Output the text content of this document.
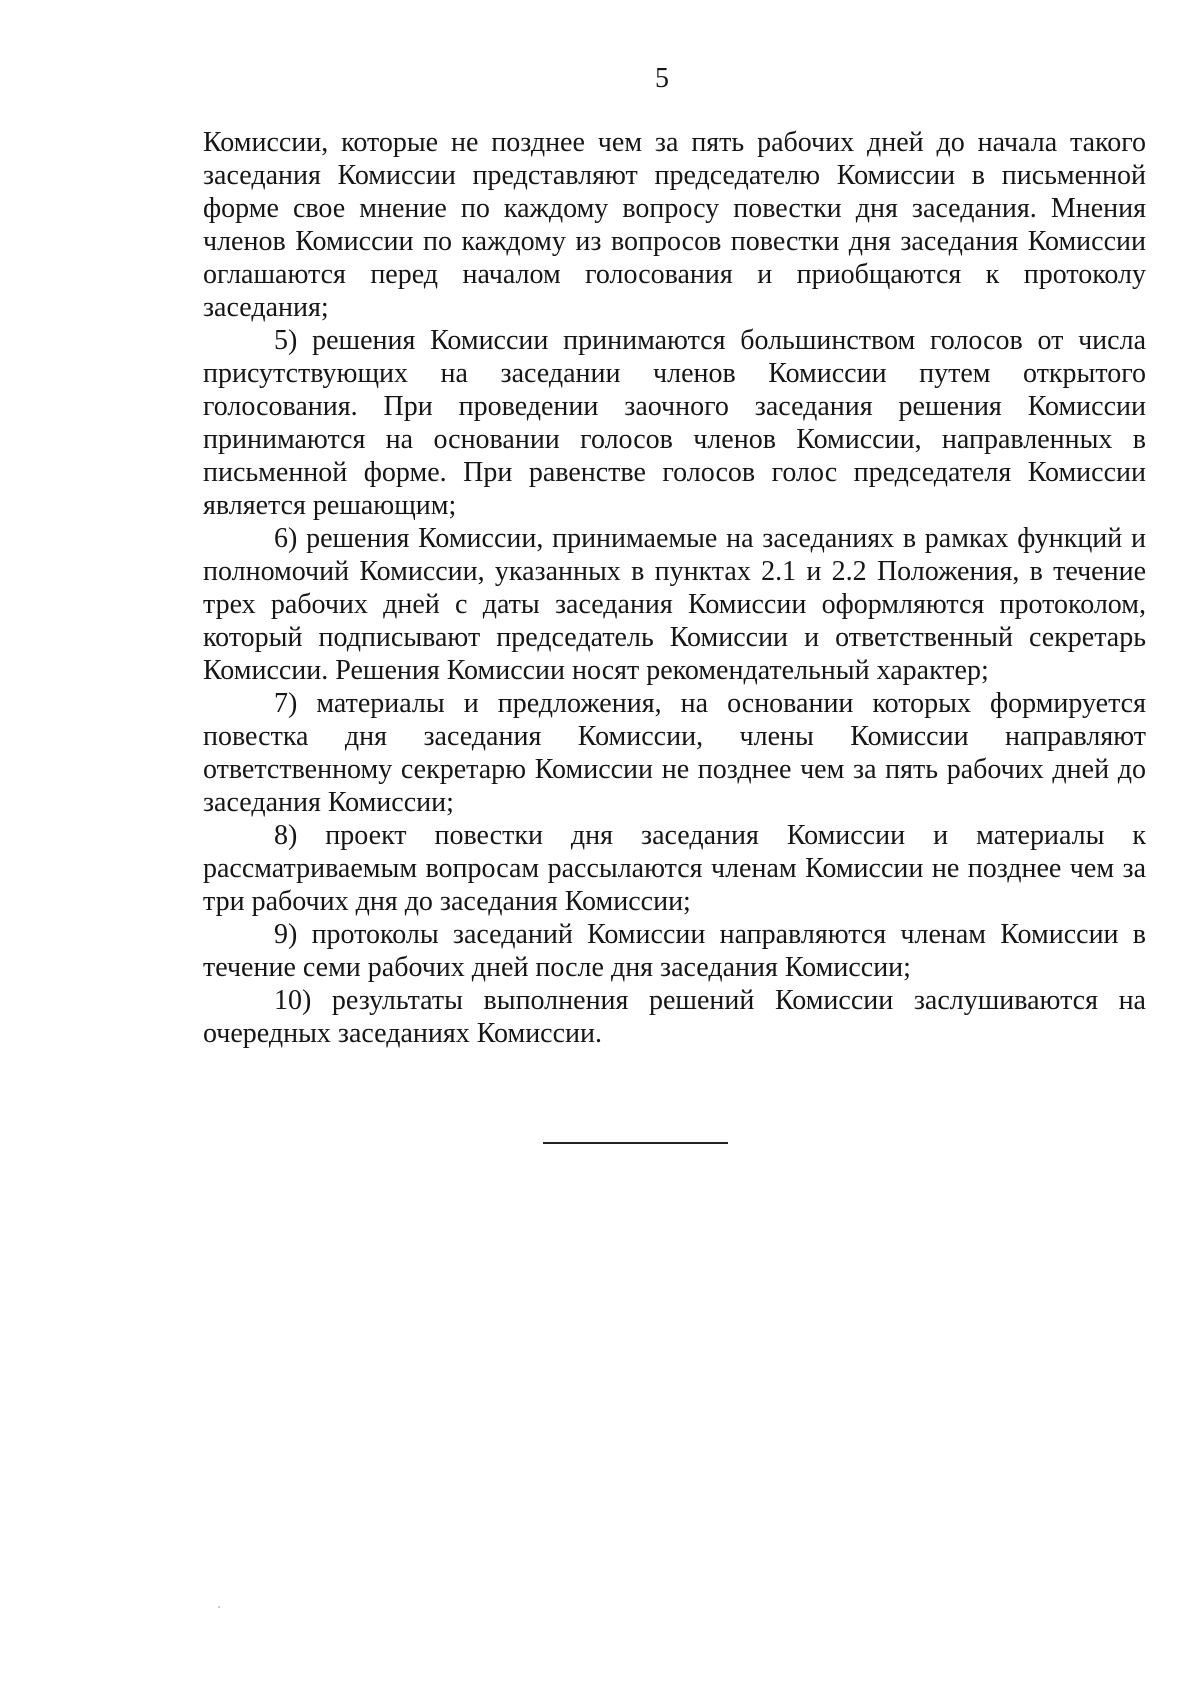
5

Комиссии, которые не позднее чем за пять рабочих дней до начала такого заседания Комиссии представляют председателю Комиссии в письменной форме свое мнение по каждому вопросу повестки дня заседания. Мнения членов Комиссии по каждому из вопросов повестки дня заседания Комиссии оглашаются перед началом голосования и приобщаются к протоколу заседания;

5) решения Комиссии принимаются большинством голосов от числа присутствующих на заседании членов Комиссии путем открытого голосования. При проведении заочного заседания решения Комиссии принимаются на основании голосов членов Комиссии, направленных в письменной форме. При равенстве голосов голос председателя Комиссии является решающим;

6) решения Комиссии, принимаемые на заседаниях в рамках функций и полномочий Комиссии, указанных в пунктах 2.1 и 2.2 Положения, в течение трех рабочих дней с даты заседания Комиссии оформляются протоколом, который подписывают председатель Комиссии и ответственный секретарь Комиссии. Решения Комиссии носят рекомендательный характер;

7) материалы и предложения, на основании которых формируется повестка дня заседания Комиссии, члены Комиссии направляют ответственному секретарю Комиссии не позднее чем за пять рабочих дней до заседания Комиссии;

8) проект повестки дня заседания Комиссии и материалы к рассматриваемым вопросам рассылаются членам Комиссии не позднее чем за три рабочих дня до заседания Комиссии;

9) протоколы заседаний Комиссии направляются членам Комиссии в течение семи рабочих дней после дня заседания Комиссии;

10) результаты выполнения решений Комиссии заслушиваются на очередных заседаниях Комиссии.
